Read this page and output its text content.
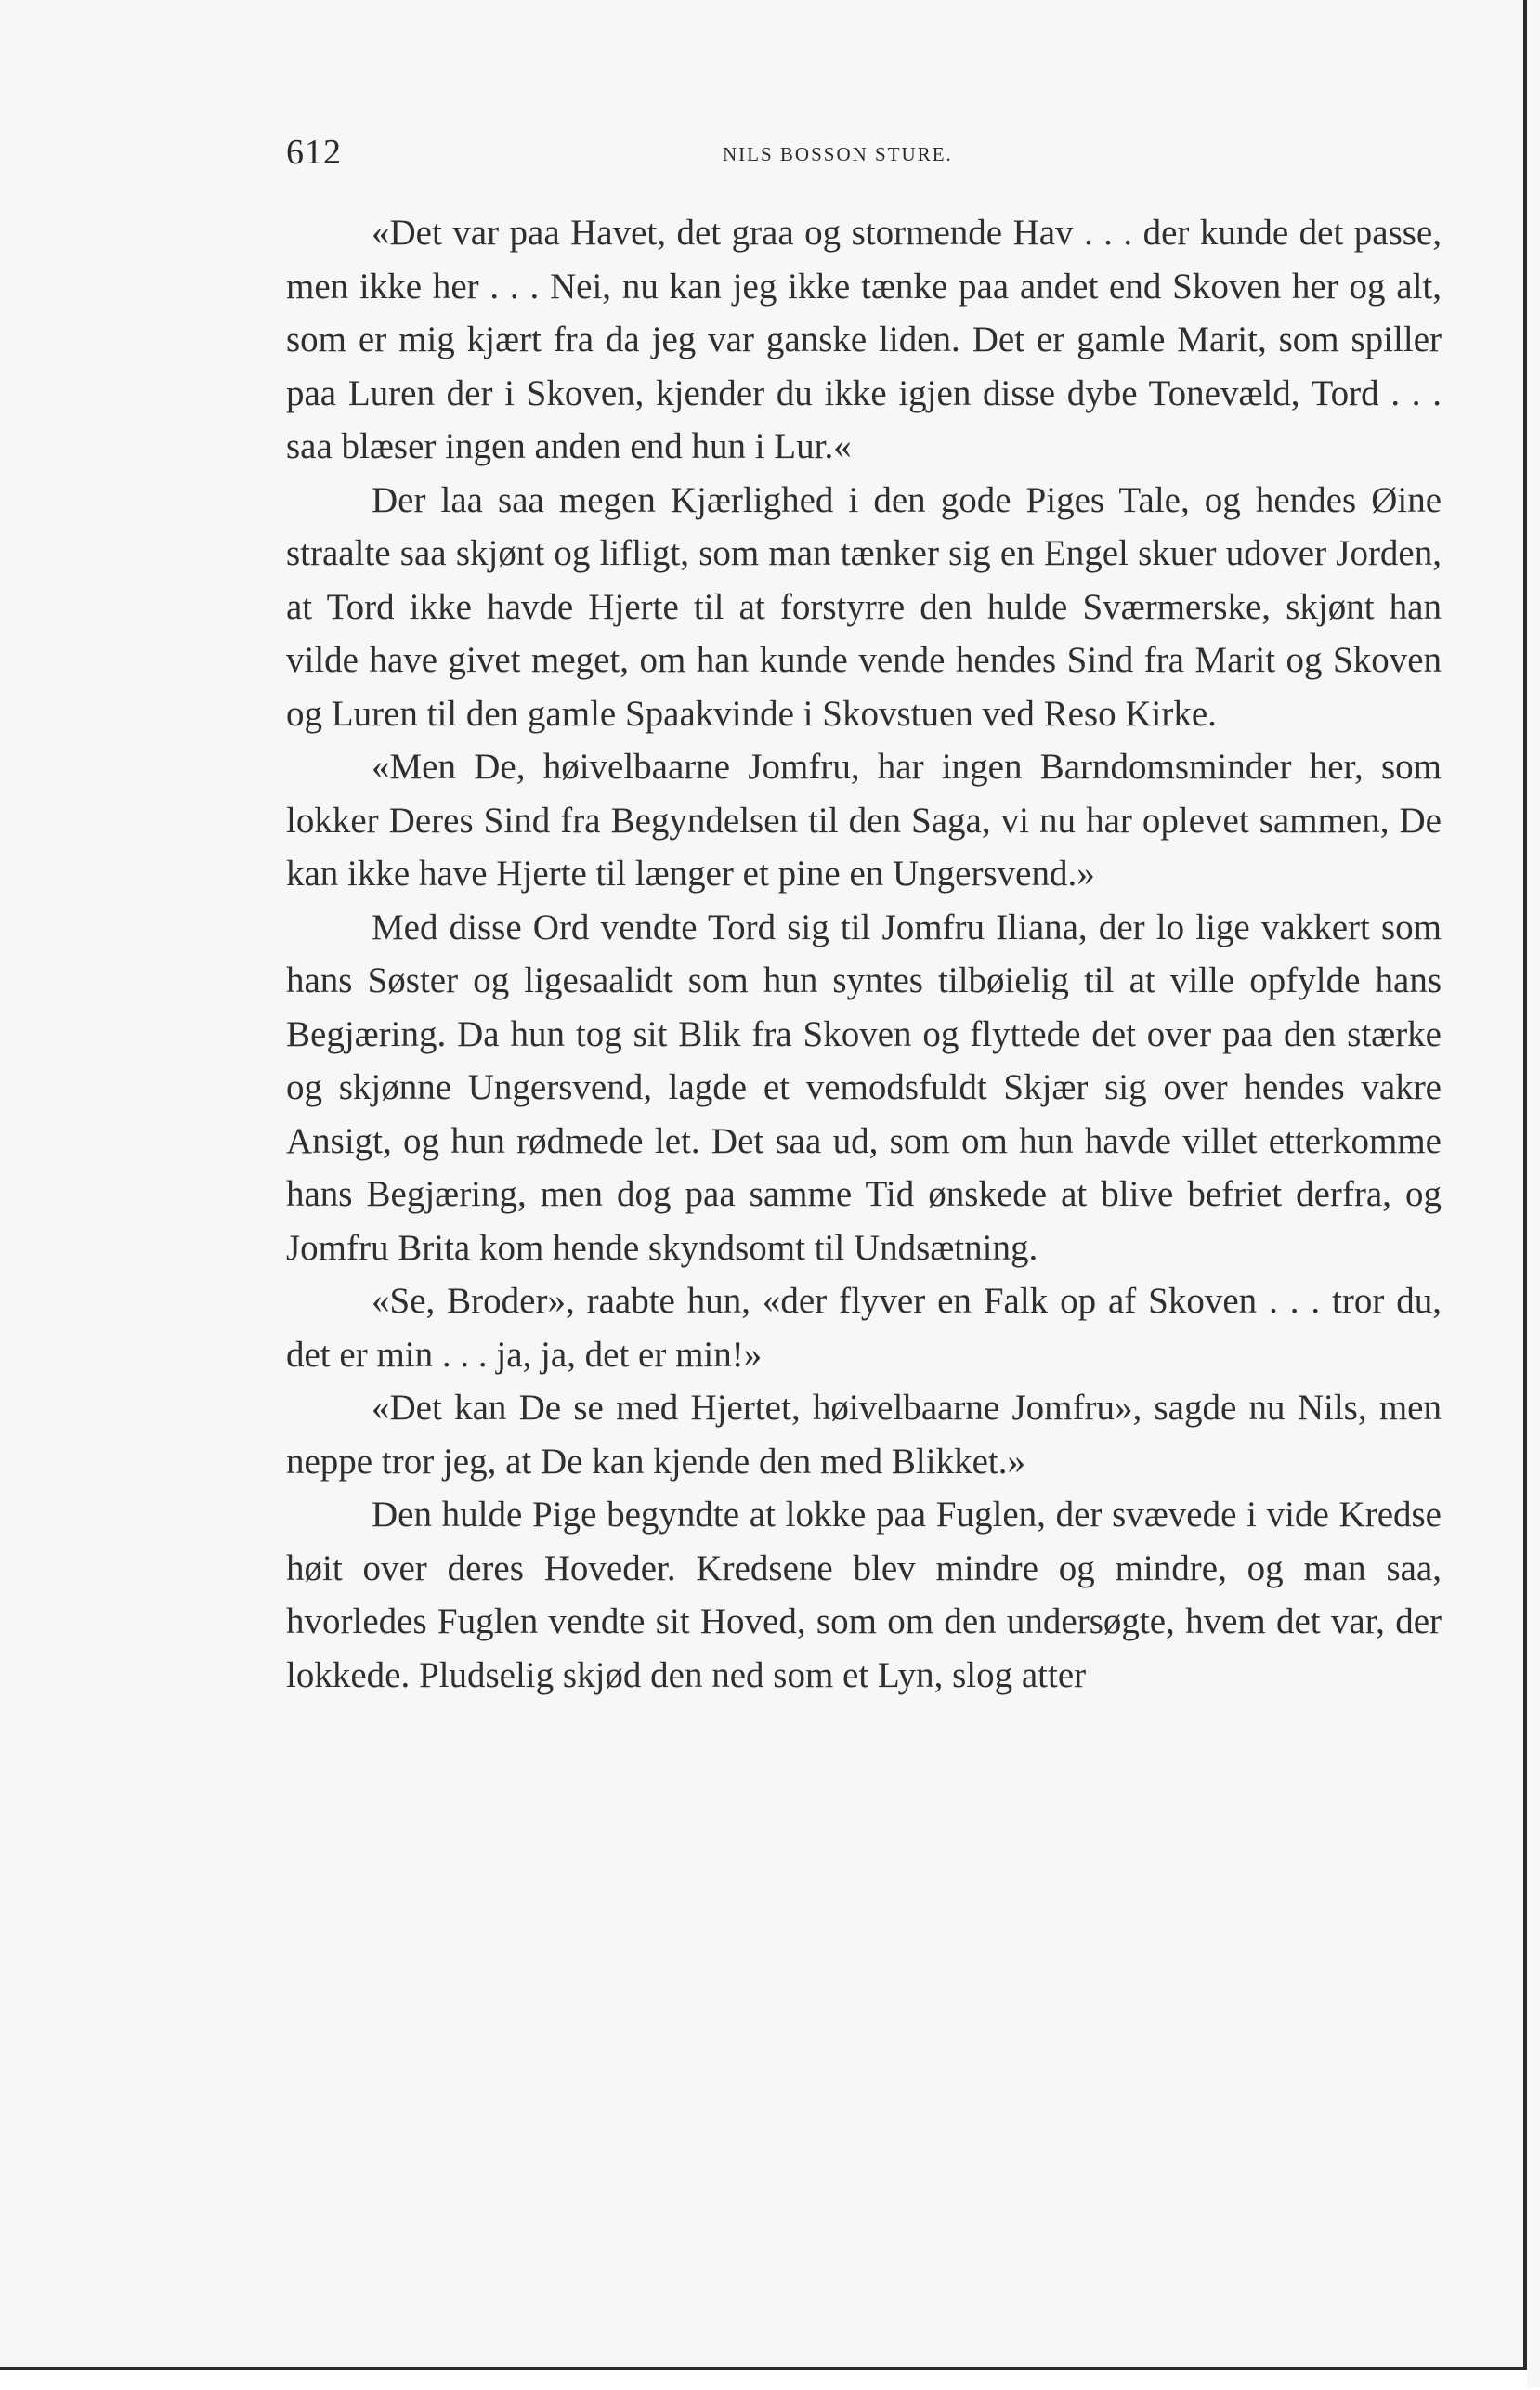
612	NILS BOSSON STURE.

«Det var paa Havet, det graa og stormende Hav . . . der kunde det passe, men ikke her . . . Nei, nu kan jeg ikke tænke paa andet end Skoven her og alt, som er mig kjært fra da jeg var ganske liden. Det er gamle Marit, som spiller paa Luren der i Skoven, kjender du ikke igjen disse dybe Tonevæld, Tord . . . saa blæser ingen anden end hun i Lur.«

Der laa saa megen Kjærlighed i den gode Piges Tale, og hendes Øine straalte saa skjønt og lifligt, som man tænker sig en Engel skuer udover Jorden, at Tord ikke havde Hjerte til at forstyrre den hulde Sværmerske, skjønt han vilde have givet meget, om han kunde vende hendes Sind fra Marit og Skoven og Luren til den gamle Spaakvinde i Skovstuen ved Reso Kirke.

«Men De, høivelbaarne Jomfru, har ingen Barndomsminder her, som lokker Deres Sind fra Begyndelsen til den Saga, vi nu har oplevet sammen, De kan ikke have Hjerte til længer et pine en Ungersvend.»

Med disse Ord vendte Tord sig til Jomfru Iliana, der lo lige vakkert som hans Søster og ligesaalidt som hun syntes tilbøielig til at ville opfylde hans Begjæring. Da hun tog sit Blik fra Skoven og flyttede det over paa den stærke og skjønne Ungersvend, lagde et vemodsfuldt Skjær sig over hendes vakre Ansigt, og hun rødmede let. Det saa ud, som om hun havde villet etterkomme hans Begjæring, men dog paa samme Tid ønskede at blive befriet derfra, og Jomfru Brita kom hende skyndsomt til Undsætning.

«Se, Broder», raabte hun, «der flyver en Falk op af Skoven . . . tror du, det er min . . . ja, ja, det er min!»

«Det kan De se med Hjertet, høivelbaarne Jomfru», sagde nu Nils, men neppe tror jeg, at De kan kjende den med Blikket.»

Den hulde Pige begyndte at lokke paa Fuglen, der svævede i vide Kredse høit over deres Hoveder. Kredsene blev mindre og mindre, og man saa, hvorledes Fuglen vendte sit Hoved, som om den undersøgte, hvem det var, der lokkede. Pludselig skjød den ned som et Lyn, slog atter
